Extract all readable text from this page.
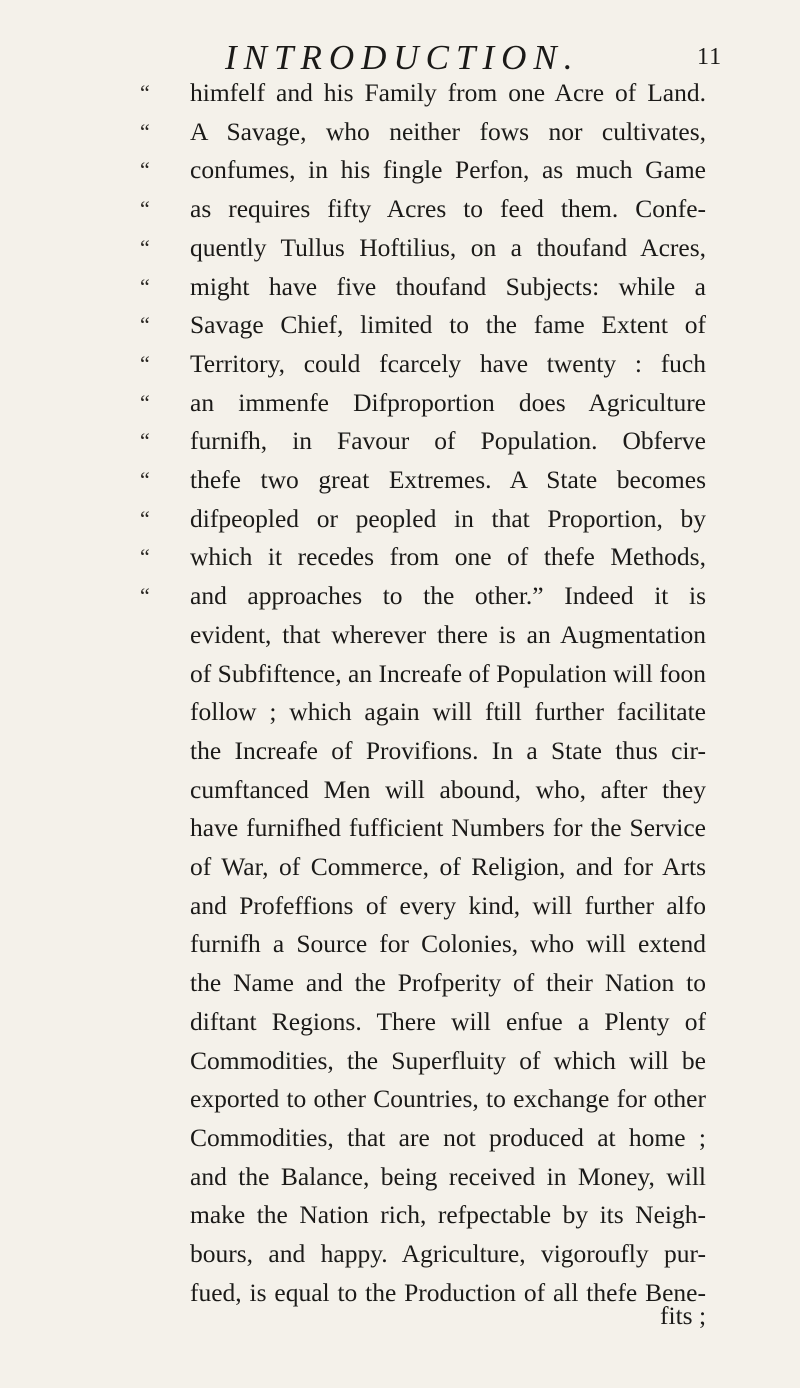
INTRODUCTION.	11
“	himfelf and his Family from one Acre of Land.
“	A Savage, who neither fows nor cultivates,
“	confumes, in his fingle Perfon, as much Game
“	as requires fifty Acres to feed them. Confe-
“	quently Tullus Hoftilius, on a thoufand Acres,
“	might have five thoufand Subjects: while a
“	Savage Chief, limited to the fame Extent of
“	Territory, could fcarcely have twenty : fuch
“	an immenfe Difproportion does Agriculture
“	furnifh, in Favour of Population. Obferve
“	thefe two great Extremes. A State becomes
“	difpeopled or peopled in that Proportion, by
“	which it recedes from one of thefe Methods,
“	and approaches to the other.” Indeed it is
evident, that wherever there is an Augmentation
of Subfiftence, an Increafe of Population will foon
follow ; which again will ftill further facilitate
the Increafe of Provifions. In a State thus cir-
cumftanced Men will abound, who, after they
have furnifhed fufficient Numbers for the Service
of War, of Commerce, of Religion, and for Arts
and Profeffions of every kind, will further alfo
furnifh a Source for Colonies, who will extend
the Name and the Profperity of their Nation to
diftant Regions. There will enfue a Plenty of
Commodities, the Superfluity of which will be
exported to other Countries, to exchange for other
Commodities, that are not produced at home ;
and the Balance, being received in Money, will
make the Nation rich, refpectable by its Neigh-
bours, and happy. Agriculture, vigoroufly pur-
fued, is equal to the Production of all thefe Bene-
fits ;
